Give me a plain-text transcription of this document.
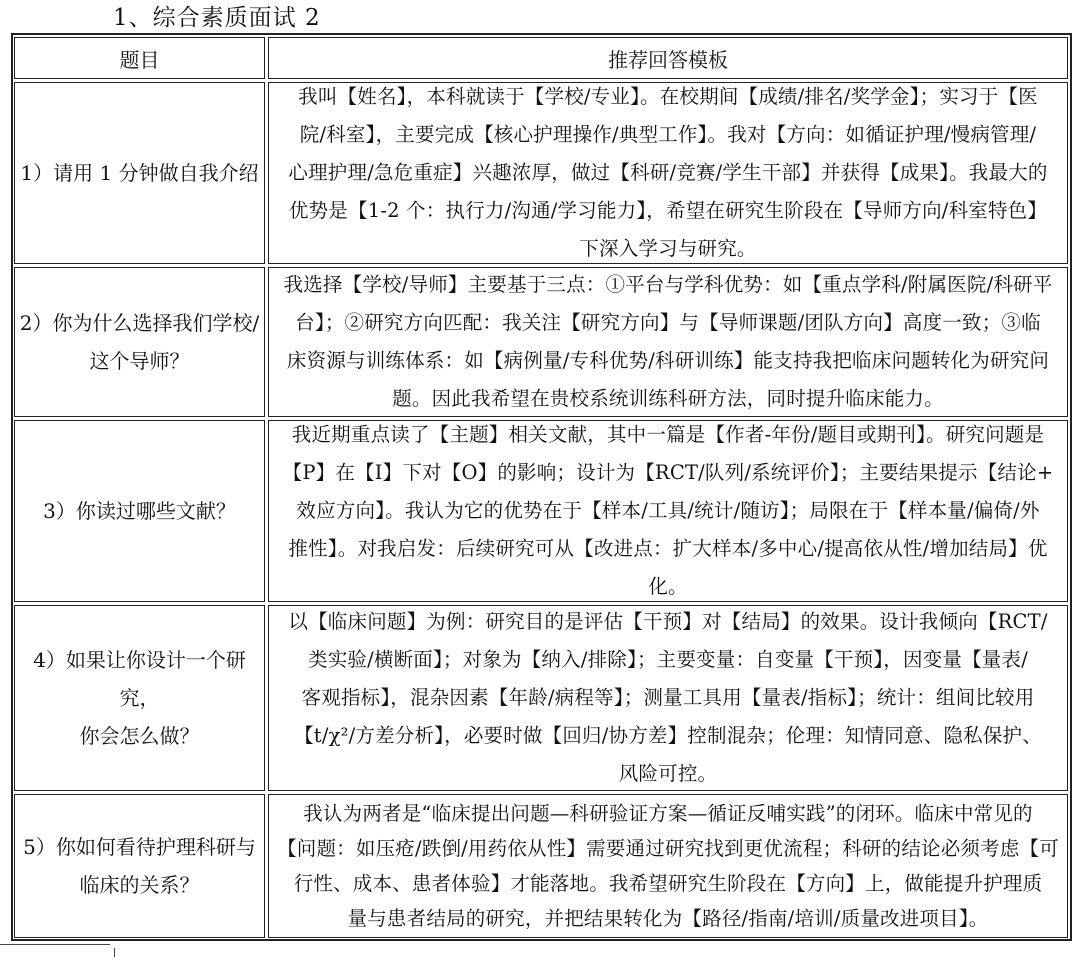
1、综合素质面试 2
题目	推荐回答模板
1）请用 1 分钟做自我介绍
我叫【姓名】，本科就读于【学校/专业】。在校期间【成绩/排名/奖学金】；实习于【医
院/科室】，主要完成【核心护理操作/典型工作】。我对【方向：如循证护理/慢病管理/
心理护理/急危重症】兴趣浓厚，做过【科研/竞赛/学生干部】并获得【成果】。我最大的
优势是【1-2 个：执行力/沟通/学习能力】，希望在研究生阶段在【导师方向/科室特色】
下深入学习与研究。
2）你为什么选择我们学校/
这个导师？
我选择【学校/导师】主要基于三点：①平台与学科优势：如【重点学科/附属医院/科研平
台】；②研究方向匹配：我关注【研究方向】与【导师课题/团队方向】高度一致；③临
床资源与训练体系：如【病例量/专科优势/科研训练】能支持我把临床问题转化为研究问
题。因此我希望在贵校系统训练科研方法，同时提升临床能力。
3）你读过哪些文献？
我近期重点读了【主题】相关文献，其中一篇是【作者-年份/题目或期刊】。研究问题是
【P】在【I】下对【O】的影响；设计为【RCT/队列/系统评价】；主要结果提示【结论+
效应方向】。我认为它的优势在于【样本/工具/统计/随访】；局限在于【样本量/偏倚/外
推性】。对我启发：后续研究可从【改进点：扩大样本/多中心/提高依从性/增加结局】优
化。
4）如果让你设计一个研究，
你会怎么做？
以【临床问题】为例：研究目的是评估【干预】对【结局】的效果。设计我倾向【RCT/
类实验/横断面】；对象为【纳入/排除】；主要变量：自变量【干预】，因变量【量表/
客观指标】，混杂因素【年龄/病程等】；测量工具用【量表/指标】；统计：组间比较用
【t/χ²/方差分析】，必要时做【回归/协方差】控制混杂；伦理：知情同意、隐私保护、
风险可控。
5）你如何看待护理科研与
临床的关系？
我认为两者是“临床提出问题—科研验证方案—循证反哺实践”的闭环。临床中常见的
【问题：如压疮/跌倒/用药依从性】需要通过研究找到更优流程；科研的结论必须考虑【可
行性、成本、患者体验】才能落地。我希望研究生阶段在【方向】上，做能提升护理质
量与患者结局的研究，并把结果转化为【路径/指南/培训/质量改进项目】。
